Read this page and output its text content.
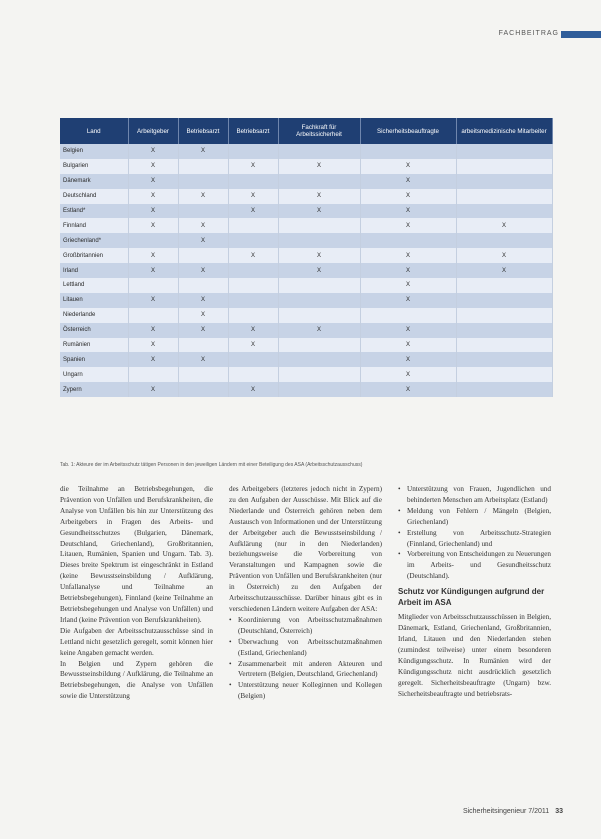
FACHBEITRAG
Land	Arbeitgeber	Betriebsarzt	Betriebsarzt	Fachkraft für Arbeitssicherheit	Sicherheitsbeauftragte	arbeitsmedizinische Mitarbeiter
Belgien	X	X				
Bulgarien	X		X	X	X	
Dänemark	X				X	
Deutschland	X	X	X	X	X	
Estland*	X		X	X	X	
Finnland	X	X			X	X
Griechenland*		X				
Großbritannien	X		X	X	X	X
Irland	X	X		X	X	X
Lettland					X	
Litauen	X	X			X	
Niederlande		X				
Österreich	X	X	X	X	X	
Rumänien	X		X		X	
Spanien	X	X			X	
Ungarn					X	
Zypern	X		X		X	
Tab. 1: Akteure der im Arbeitsschutz tätigen Personen in den jeweiligen Ländern mit einer Beteiligung des ASA (Arbeitsschutzausschuss)

die Teilnahme an Betriebsbegehungen, die Prävention von Unfällen und Berufskrankheiten, die Analyse von Unfällen bis hin zur Unterstützung des Arbeitgebers in Fragen des Arbeits- und Gesundheitsschutzes (Bulgarien, Dänemark, Deutschland, Griechenland), Großbritannien, Litauen, Rumänien, Spanien und Ungarn. Tab. 3). Dieses breite Spektrum ist eingeschränkt in Estland (keine Bewusstseinsbildung / Aufklärung, Unfallanalyse und Teilnahme an Betriebsbegehungen), Finnland (keine Teilnahme an Betriebsbegehungen und Analyse von Unfällen) und Irland (keine Prävention von Berufskrankheiten).

Die Aufgaben der Arbeitsschutzausschüsse sind in Lettland nicht gesetzlich geregelt, somit können hier keine Angaben gemacht werden.

In Belgien und Zypern gehören die Bewusstseinsbildung / Aufklärung, die Teilnahme an Betriebsbegehungen, die Analyse von Unfällen sowie die Unterstützung

des Arbeitgebers (letzteres jedoch nicht in Zypern) zu den Aufgaben der Ausschüsse. Mit Blick auf die Niederlande und Österreich gehören neben dem Austausch von Informationen und der Unterstützung der Arbeitgeber auch die Bewusstseinsbildung / Aufklärung (nur in den Niederlanden) beziehungsweise die Vorbereitung von Veranstaltungen und Kampagnen sowie die Prävention von Unfällen und Berufskrankheiten (nur in Österreich) zu den Aufgaben der Arbeitsschutzausschüsse. Darüber hinaus gibt es in verschiedenen Ländern weitere Aufgaben der ASA:

• Koordinierung von Arbeitsschutzmaßnahmen (Deutschland, Österreich)
• Überwachung von Arbeitsschutzmaßnahmen (Estland, Griechenland)
• Zusammenarbeit mit anderen Akteuren und Vertretern (Belgien, Deutschland, Griechenland)
• Unterstützung neuer Kolleginnen und Kollegen (Belgien)
• Unterstützung von Frauen, Jugendlichen und behinderten Menschen am Arbeitsplatz (Estland)
• Meldung von Fehlern / Mängeln (Belgien, Griechenland)
• Erstellung von Arbeitsschutz-Strategien (Finnland, Griechenland) und
• Vorbereitung von Entscheidungen zu Neuerungen im Arbeits- und Gesundheitsschutz (Deutschland).
Schutz vor Kündigungen aufgrund der Arbeit im ASA

Mitglieder von Arbeitsschutzausschüssen in Belgien, Dänemark, Estland, Griechenland, Großbritannien, Irland, Litauen und den Niederlanden stehen (zumindest teilweise) unter einem besonderen Kündigungsschutz. In Rumänien wird der Kündigungsschutz nicht ausdrücklich gesetzlich geregelt. Sicherheitsbeauftragte (Ungarn) bzw. Sicherheitsbeauftragte und betriebsrats-

Sicherheitsingenieur 7/2011 33
